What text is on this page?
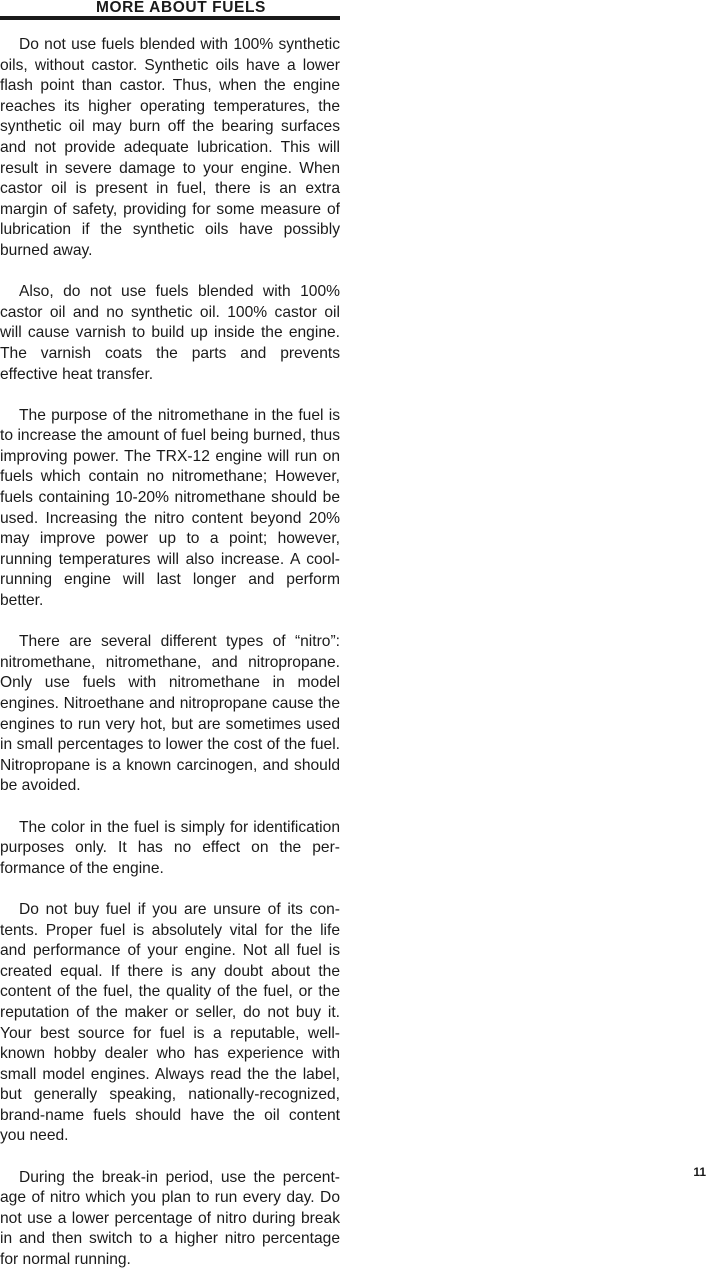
MORE ABOUT FUELS

Do not use fuels blended with 100% synthetic oils, without castor. Synthetic oils have a lower flash point than castor. Thus, when the engine reaches its higher operating temperatures, the synthetic oil may burn off the bearing surfaces and not provide adequate lubrication. This will result in severe damage to your engine. When castor oil is present in fuel, there is an extra margin of safety, providing for some measure of lubrication if the synthetic oils have possibly burned away.

Also, do not use fuels blended with 100% castor oil and no synthetic oil. 100% castor oil will cause varnish to build up inside the engine. The varnish coats the parts and prevents effective heat transfer.

The purpose of the nitromethane in the fuel is to increase the amount of fuel being burned, thus improving power. The TRX-12 engine will run on fuels which contain no nitromethane; However, fuels containing 10-20% nitromethane should be used. Increasing the nitro content beyond 20% may improve power up to a point; however, running temperatures will also increase. A cool-running engine will last longer and perform better.

There are several different types of “nitro”: nitromethane, nitromethane, and nitropropane. Only use fuels with nitromethane in model engines. Nitroethane and nitropropane cause the engines to run very hot, but are sometimes used in small percentages to lower the cost of the fuel. Nitropropane is a known carcinogen, and should be avoided.

The color in the fuel is simply for identification purposes only. It has no effect on the performance of the engine.

Do not buy fuel if you are unsure of its contents. Proper fuel is absolutely vital for the life and performance of your engine. Not all fuel is created equal. If there is any doubt about the content of the fuel, the quality of the fuel, or the reputation of the maker or seller, do not buy it. Your best source for fuel is a reputable, well-known hobby dealer who has experience with small model engines. Always read the the label, but generally speaking, nationally-recognized, brand-name fuels should have the oil content you need.

During the break-in period, use the percentage of nitro which you plan to run every day. Do not use a lower percentage of nitro during break in and then switch to a higher nitro percentage for normal running.

11
